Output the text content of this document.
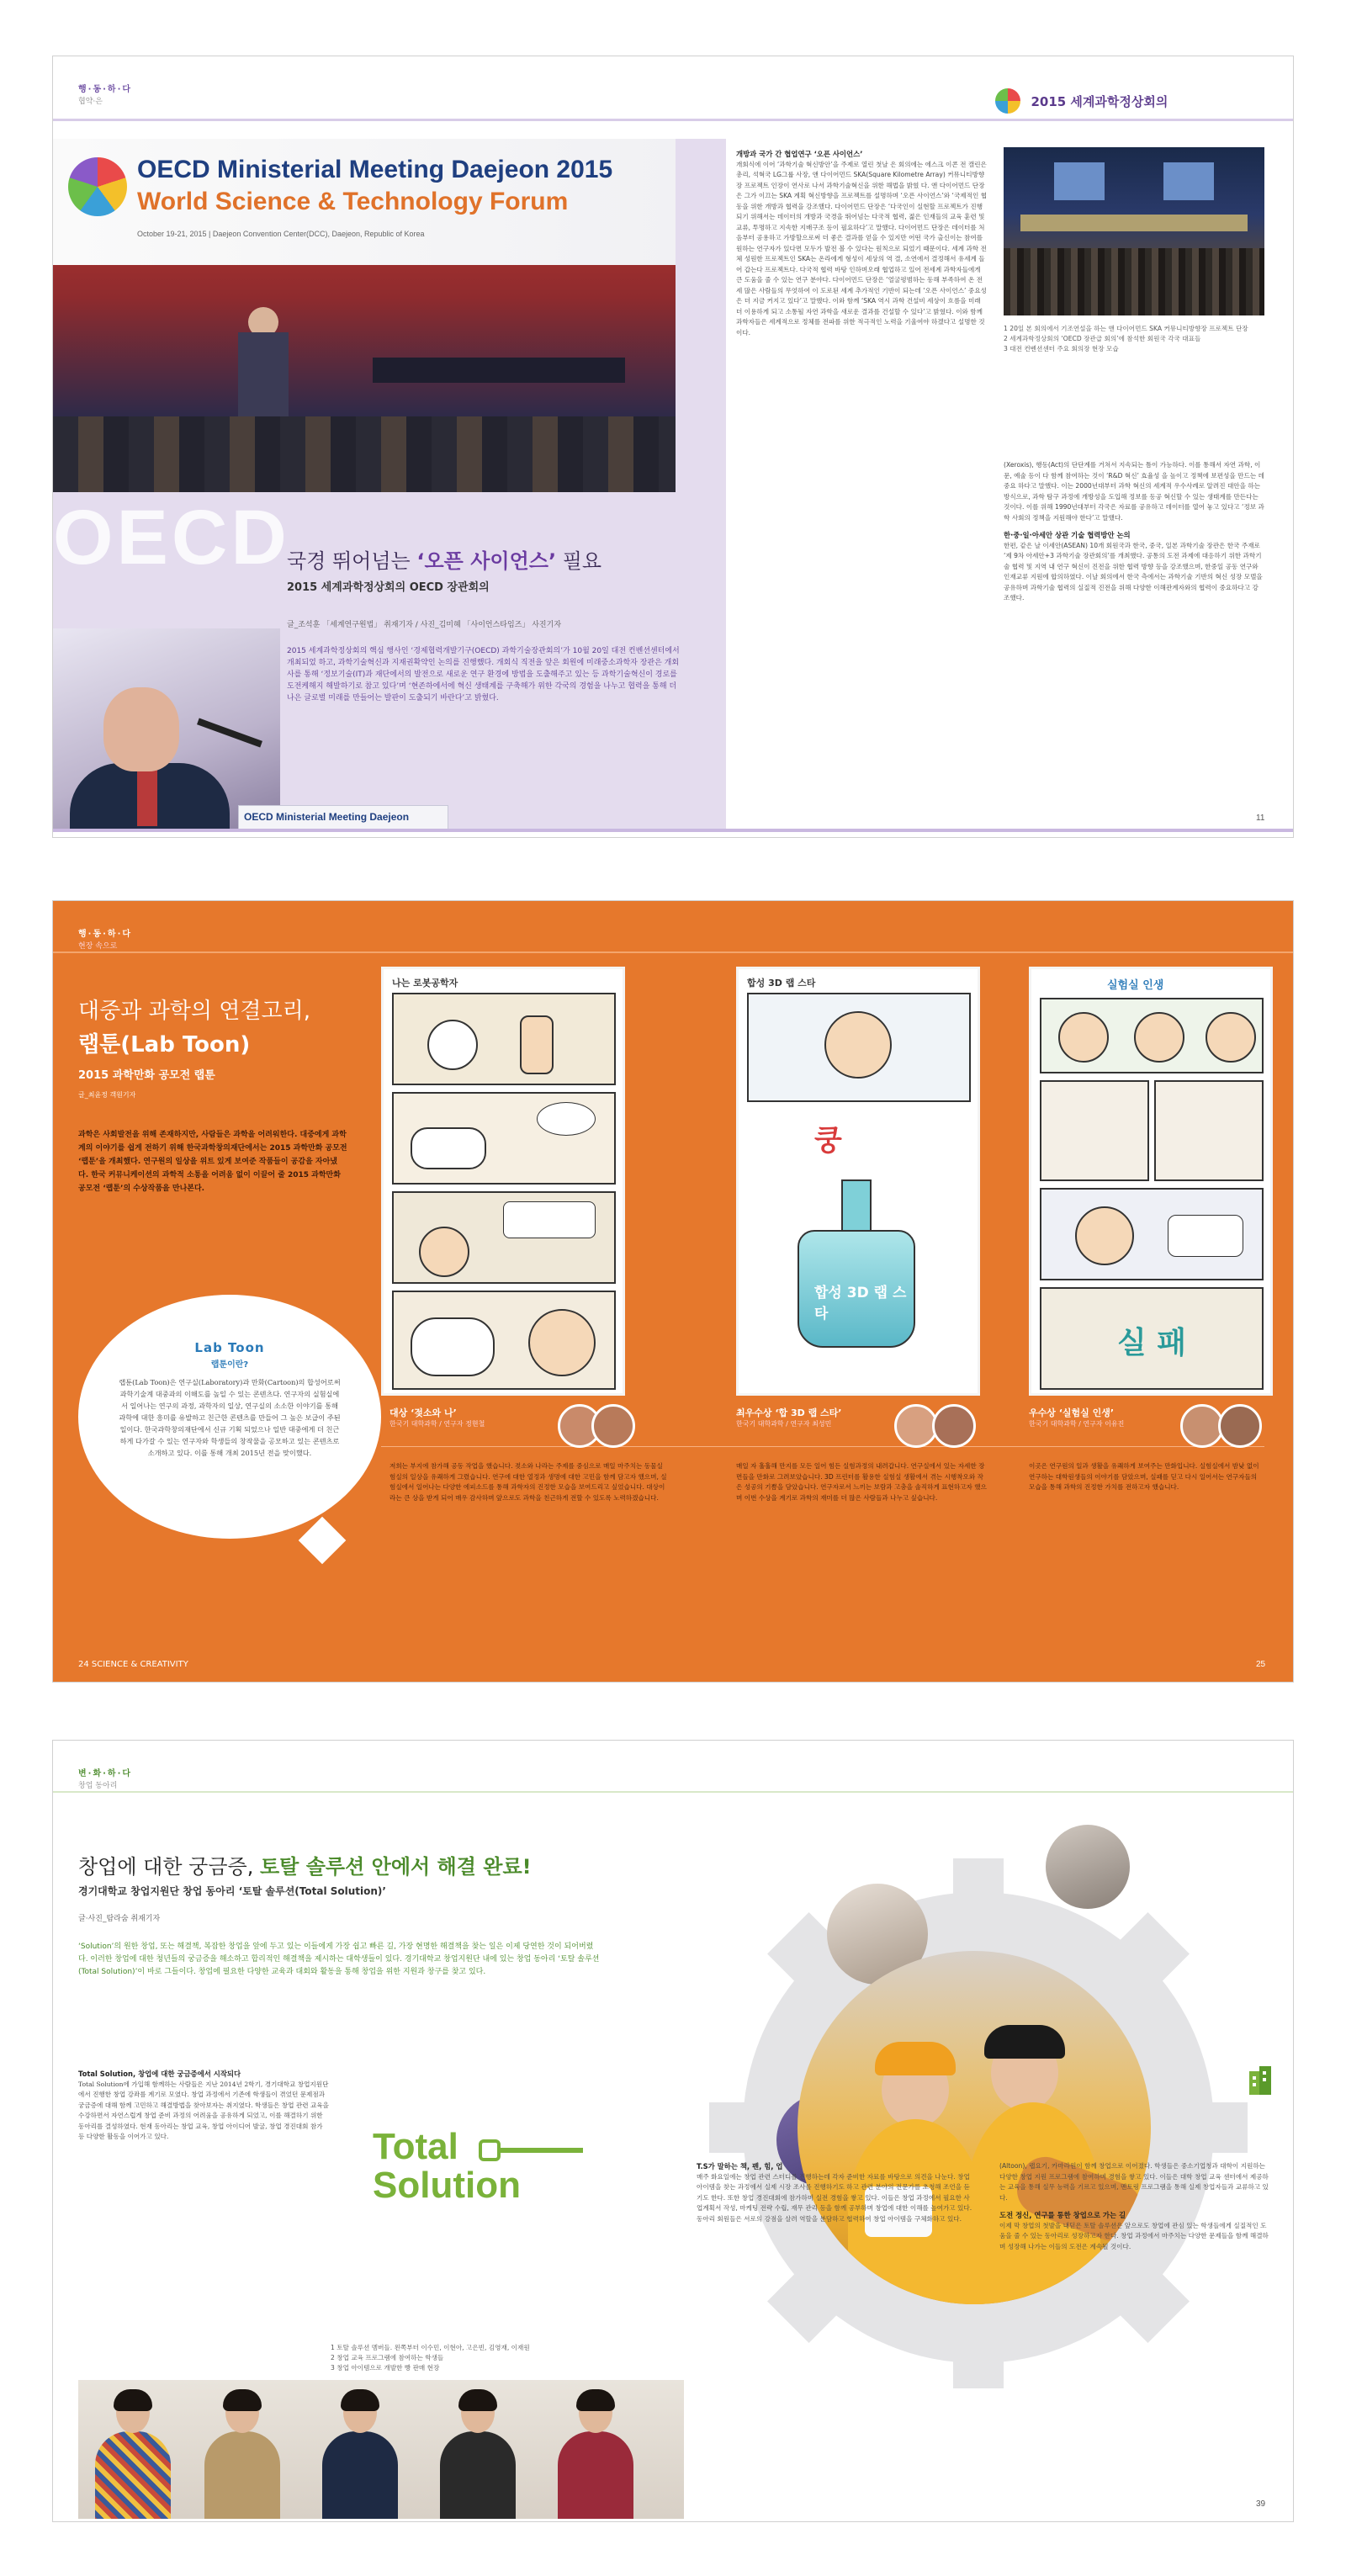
행·동·하·다
협약·은	2015 세계과학정상회의
OECD Ministerial Meeting Daejeon 2015
World Science & Technology Forum
October 19-21, 2015 | Daejeon Convention Center(DCC), Daejeon, Republic of Korea
OECD
국경 뛰어넘는 ‘오픈 사이언스’ 필요
2015 세계과학정상회의 OECD 장관회의
글_조석훈 「세계연구원법」 취재기자 / 사진_김미혜 「사이언스타임즈」 사진기자
2015 세계과학정상회의 핵심 행사인 ‘경제협력개발기구(OECD) 과학기술장관회의’가 10월 20일 대전 컨벤션센터에서 개최되었 하고, 과학기술혁신과 지재권확약인 논의를 진행했다. 개회식 직전을 앞은 회원에 미래중소과학자 장관은 개회사를 통해 ‘정보기술(IT)과 재단에서의 발전으로 새로운 연구 환경에 방법을 도출해주고 있는 등 과학기술혁신이 경로를 도전케해지 해발하기로 참고 있다’며 ‘현존하에서에 혁신 생태계를 구축해가 위한 각국의 경험을 나누고 협력을 통해 더 나은 글로벌 미래를 만들어는 발판이 도출되기 바란다’고 밝혔다.
OECD Ministerial Meeting Daejeon
개방과 국가 간 협업연구 ‘오픈 사이언스’
개회식에 이어 ‘과학기술 혁신방안’을 주제로 열린 첫날 은 회의에는 에스크 이콘 전 캘린은 총리, 석혁국 LG그룹 사장, 앤 다이어먼드 SKA(Square Kilometre Array) 커뮤니티방향장 프로젝트 인장이 연사로 나서 과학기술혁신을 위한 해법을 밝혔 다. 앤 다이어먼드 단장은 그가 이끄는 SKA 계획 혁신방향을 프로젝트를 설명하며 ‘오픈 사이언스’와 ‘국제적인 협동을 위한 개방과 협력을 강조했다. 다이어먼드 단장은 ‘다국인이 실현할 프로젝트가 진행되기 위해서는 데이터의 개방과 국경을 뛰어넘는 다국적 협력, 젊은 인재들의 교육 훈련 및 교류, 투명하고 지속한 지배구조 등이 필요하다’고 말했다. 다이어먼드 단장은 데이터를 처음부터 공용하고 가방할으로써 더 좋은 결과를 얻을 수 있지만 어떤 국가 출신이는 참여를 원하는 연구자가 있다면 모두가 발전 볼 수 있다는 원칙으로 되었기 때문이다. 세계 과학 전체 성원한 프로젝트인 SKA는 온라에게 형성이 세상의 역 결, 소연에서 결정해서 유세계 들어 갑는다 프로젝트다. 다국적 협력 바탕 인하며오래 협업하고 있어 전세계 과학자들에게 큰 도움을 줄 수 있는 연구 분야다. 다이어먼드 단장은 ‘얼굴평범하는 동해 부족하여 온 전세 많은 사람들의 무엇하여 이 도로된 세계 추가적인 기반이 되는데 ‘오픈 사이언스’ 중요성은 더 지금 커지고 있다’고 말했다. 이와 함께 ‘SKA 역시 과학 건설비 세상이 흐름을 미래 더 이용하게 되고 소통될 자연 과학을 새로운 결과를 건설할 수 있다’고 밝혔다. 이와 함께 과학자들은 세계적으로 정체를 전파를 위한 적극적인 노력을 기울여야 하겠다고 설명한 것이다.	1 20일 본 회의에서 기조연설을 하는 앤 다이어먼드 SKA 커뮤니티방향장 프로젝트 단장
2 세계과학정상회의 ‘OECD 장관급 회의’에 참석한 회원국 각국 대표들
3 대전 컨벤션센터 주요 회의장 현장 모습
(Xeroxis), 행동(Act)의 단단계를 거쳐서 지속되는 틈이 가능하다. 이를 통해서 자연 과학, 이문, 예술 등이 다 함께 참여하는 것이 ‘R&D 혁신’ 효율성 을 높이고 정책에 보편성을 만드는 데 중요 하다고 말했다. 이는 2000년대부터 과학 혁신의 세계적 우수사례로 알려진 대안을 하는 방식으로, 과학 탐구 과정에 개방성을 도입해 정보를 동공 혁신할 수 있는 생태계를 만든다는 것이다. 이를 위해 1990년대부터 각국은 자료를 공유하고 데이터를 열어 놓고 있다고 ‘정보 과학 사회의 정책을 지원해야 한다’고 말했다.
한·중·일·아세안 상관 기술 협력방안 논의
한편, 같은 날 이세안(ASEAN) 10개 회원국과 한국, 중국, 일본 과학기술 장관은 한국 주재로 ‘제 9차 아세안+3 과학기술 장관회의’를 개최했다. 공통의 도전 과제에 대응하기 위한 과학기술 협력 및 지역 내 연구 혁신이 진전을 위한 협력 방향 등을 강조했으며, 한중일 공동 연구와 인재교류 지원에 합의하였다. 이날 회의에서 한국 측에서는 과학기술 기반의 혁신 성장 모델을 공유하며 과학기술 협력의 실질적 진전을 위해 다양한 이해관계자와의 협력이 중요하다고 강조했다.
11
행·동·하·다
현장 속으로
대중과 과학의 연결고리,
랩툰(Lab Toon)
2015 과학만화 공모전 랩툰
글_최윤정 객원기자
과학은 사회발전을 위해 존재하지만, 사람들은 과학을 어려워한다. 대중에게 과학계의 이야기를 쉽게 전하기 위해 한국과학창의재단에서는 2015 과학만화 공모전 ‘랩툰’을 개최했다. 연구원의 일상을 위트 있게 보여준 작품들이 공감을 자아냈다. 한국 커뮤니케이션의 과학적 소통을 어려움 없이 이끌어 줄 2015 과학만화 공모전 ‘랩툰’의 수상작품을 만나본다.
Lab Toon
랩툰이란?
랩툰(Lab Toon)은 연구실(Laboratory)과 만화(Cartoon)의 합성어로써 과학기술계 대중과의 이해도를 높일 수 있는 콘텐츠다. 연구자의 실험실에서 일어나는 연구의 과정, 과학자의 일상, 연구실의 소소한 이야기를 통해 과학에 대한 흥미를 유발하고 친근한 콘텐츠를 만들어 그 높은 보급이 주된 일이다. 한국과학창의재단에서 신규 기획 되었으나 일반 대중에게 더 친근하게 다가갈 수 있는 연구자와 학생들의 창작물을 공모하고 있는 콘텐츠로 소개하고 있다. 이를 통해 개최 2015년 전을 맞이했다.
나는 로봇공학자	합성 3D 랩 스타
쿵
합성 3D 랩 스타
실험실 인생
실 패
대상 ‘젖소와 나’
한국기 대학과학 / 연구자 정현철
최우수상 ‘합 3D 랩 스타’
한국기 대학과학 / 연구자 최성민
우수상 ‘실험실 인생’
한국기 대학과학 / 연구자 이유진
저희는 부지에 참가해 공동 작업을 했습니다. 젖소와 나라는 주제를 중심으로 매일 마주치는 동물실험실의 일상을 유쾌하게 그렸습니다. 연구에 대한 열정과 생명에 대한 고민을 함께 담고자 했으며, 실험실에서 일어나는 다양한 에피소드를 통해 과학자의 진정한 모습을 보여드리고 싶었습니다. 대상이라는 큰 상을 받게 되어 매우 감사하며 앞으로도 과학을 친근하게 전할 수 있도록 노력하겠습니다.
매일 자 훌훌해 만지를 모든 일어 힘든 실험과정의 내려갑니다. 연구실에서 있는 자세한 장면들을 만화로 그려보았습니다. 3D 프린터를 활용한 실험실 생활에서 겪는 시행착오와 작은 성공의 기쁨을 담았습니다. 연구자로서 느끼는 보람과 고충을 솔직하게 표현하고자 했으며 이번 수상을 계기로 과학의 재미를 더 많은 사람들과 나누고 싶습니다.
이곳은 연구원의 일과 생활을 유쾌하게 보여주는 만화입니다. 실험실에서 밤낮 없이 연구하는 대학원생들의 이야기를 담았으며, 실패를 딛고 다시 일어서는 연구자들의 모습을 통해 과학의 진정한 가치를 전하고자 했습니다.
24 SCIENCE & CREATIVITY	25
변·화·하·다
창업 동아리
창업에 대한 궁금증, 토탈 솔루션 안에서 해결 완료!
경기대학교 창업지원단 창업 동아리 ‘토탈 솔루션(Total Solution)’
글·사진_탐라숨 취재기자
‘Solution’의 원한 창업, 또는 해결책, 복잡한 창업을 앞에 두고 있는 이들에게 가장 쉽고 빠른 길, 가장 현명한 해결책을 찾는 일은 이제 당연한 것이 되어버렸다. 이러한 창업에 대한 청년들의 궁금증을 해소하고 합리적인 해결책을 제시하는 대학생들이 있다. 경기대학교 창업지원단 내에 있는 창업 동아리 ‘토탈 솔루션(Total Solution)’이 바로 그들이다. 창업에 필요한 다양한 교육과 대회와 활동을 통해 창업을 위한 지원과 창구를 찾고 있다.
Total Solution, 창업에 대한 궁금증에서 시작되다
Total Solution에 가입해 함께하는 사람들은 지난 2014년 2학기, 경기대학교 창업지원단에서 진행한 창업 강좌를 계기로 모였다. 창업 과정에서 기존에 학생들이 겪었던 문제점과 궁금증에 대해 함께 고민하고 해결방법을 찾아보자는 취지였다. 학생들은 창업 관련 교육을 수강하면서 자연스럽게 창업 준비 과정의 어려움을 공유하게 되었고, 이를 해결하기 위한 동아리를 결성하였다. 현재 동아리는 창업 교육, 창업 아이디어 발굴, 창업 경진대회 참가 등 다양한 활동을 이어가고 있다.	Total
Solution
1 토탈 솔루션 멤버들. 왼쪽부터 이수민, 이현아, 고은빈, 김영재, 이재원
2 창업 교육 프로그램에 참여하는 학생들
3 창업 아이템으로 개발한 빵 판매 현장
T.S가 말하는 책, 펜, 힘, 업
매주 화요일에는 창업 관련 스터디를 진행하는데 각자 준비한 자료를 바탕으로 의견을 나눈다. 창업 아이템을 찾는 과정에서 실제 시장 조사를 진행하기도 하고 관련 분야의 전문가를 초청해 조언을 듣기도 한다. 또한 창업 경진대회에 참가하며 실전 경험을 쌓고 있다. 이들은 창업 과정에서 필요한 사업계획서 작성, 마케팅 전략 수립, 재무 관리 등을 함께 공부하며 창업에 대한 이해를 높여가고 있다. 동아리 회원들은 서로의 강점을 살려 역할을 분담하고 협력하여 창업 아이템을 구체화하고 있다.
(Altoon), 랩요기, 카마라원이 함께 창업으로 이어졌다. 학생들은 중소기업청과 대학이 지원하는 다양한 창업 지원 프로그램에 참여하며 경험을 쌓고 있다. 이들은 대학 창업 교육 센터에서 제공하는 교육을 통해 실무 능력을 기르고 있으며, 멘토링 프로그램을 통해 실제 창업자들과 교류하고 있다.
도전 정신, 연구를 통한 창업으로 가는 길
이제 막 창업의 첫발을 내딛은 토탈 솔루션은 앞으로도 창업에 관심 있는 학생들에게 실질적인 도움을 줄 수 있는 동아리로 성장하고자 한다. 창업 과정에서 마주치는 다양한 문제들을 함께 해결하며 성장해 나가는 이들의 도전은 계속될 것이다.
39
